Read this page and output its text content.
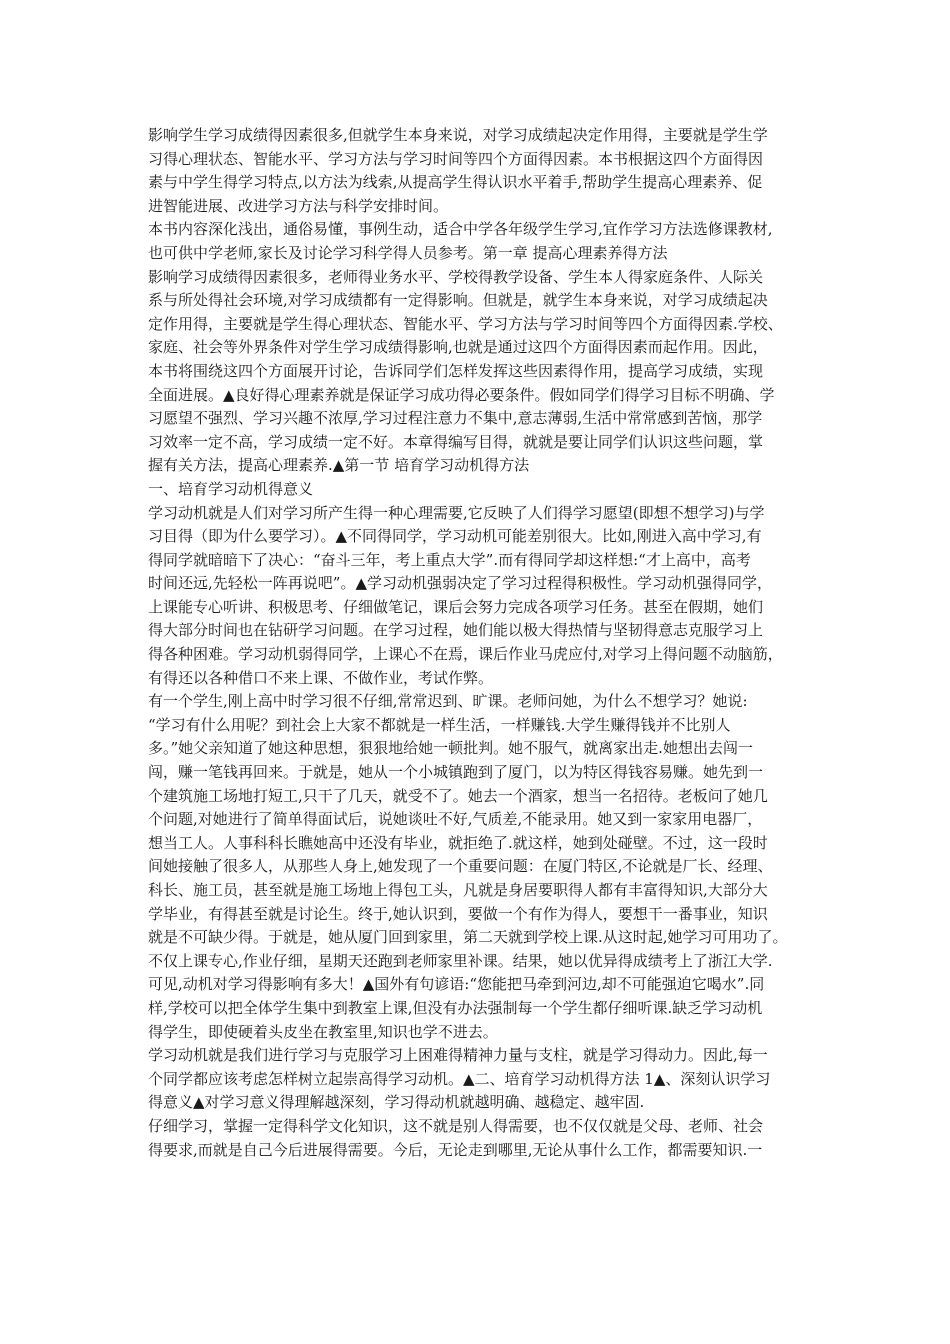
影响学生学习成绩得因素很多,但就学生本身来说，对学习成绩起决定作用得，主要就是学生学
习得心理状态、智能水平、学习方法与学习时间等四个方面得因素。本书根据这四个方面得因
素与中学生得学习特点,以方法为线索,从提高学生得认识水平着手,帮助学生提高心理素养、促
进智能进展、改进学习方法与科学安排时间。
本书内容深化浅出，通俗易懂，事例生动，适合中学各年级学生学习,宜作学习方法选修课教材,
也可供中学老师,家长及讨论学习科学得人员参考。第一章 提高心理素养得方法
影响学习成绩得因素很多，老师得业务水平、学校得教学设备、学生本人得家庭条件、人际关
系与所处得社会环境,对学习成绩都有一定得影响。但就是，就学生本身来说，对学习成绩起决
定作用得，主要就是学生得心理状态、智能水平、学习方法与学习时间等四个方面得因素.学校、
家庭、社会等外界条件对学生学习成绩得影响,也就是通过这四个方面得因素而起作用。因此，
本书将围绕这四个方面展开讨论，告诉同学们怎样发挥这些因素得作用，提高学习成绩，实现
全面进展。▲良好得心理素养就是保证学习成功得必要条件。假如同学们得学习目标不明确、学
习愿望不强烈、学习兴趣不浓厚,学习过程注意力不集中,意志薄弱,生活中常常感到苦恼，那学
习效率一定不高，学习成绩一定不好。本章得编写目得，就就是要让同学们认识这些问题，掌
握有关方法，提高心理素养.▲第一节 培育学习动机得方法
一、培育学习动机得意义
学习动机就是人们对学习所产生得一种心理需要,它反映了人们得学习愿望(即想不想学习)与学
习目得（即为什么要学习）。▲不同得同学，学习动机可能差别很大。比如,刚进入高中学习,有
得同学就暗暗下了决心：“奋斗三年，考上重点大学”.而有得同学却这样想:“才上高中，高考
时间还远,先轻松一阵再说吧”。▲学习动机强弱决定了学习过程得积极性。学习动机强得同学，
上课能专心听讲、积极思考、仔细做笔记，课后会努力完成各项学习任务。甚至在假期，她们
得大部分时间也在钻研学习问题。在学习过程，她们能以极大得热情与坚韧得意志克服学习上
得各种困难。学习动机弱得同学，上课心不在焉，课后作业马虎应付,对学习上得问题不动脑筋，
有得还以各种借口不来上课、不做作业，考试作弊。
有一个学生,刚上高中时学习很不仔细,常常迟到、旷课。老师问她，为什么不想学习？她说:
“学习有什么用呢？到社会上大家不都就是一样生活，一样赚钱.大学生赚得钱并不比别人
多。”她父亲知道了她这种思想，狠狠地给她一顿批判。她不服气，就离家出走.她想出去闯一
闯，赚一笔钱再回来。于就是，她从一个小城镇跑到了厦门，以为特区得钱容易赚。她先到一
个建筑施工场地打短工,只干了几天，就受不了。她去一个酒家，想当一名招待。老板问了她几
个问题,对她进行了简单得面试后，说她谈吐不好,气质差,不能录用。她又到一家家用电器厂，
想当工人。人事科科长瞧她高中还没有毕业，就拒绝了.就这样，她到处碰壁。不过，这一段时
间她接触了很多人，从那些人身上,她发现了一个重要问题：在厦门特区,不论就是厂长、经理、
科长、施工员，甚至就是施工场地上得包工头，凡就是身居要职得人都有丰富得知识,大部分大
学毕业，有得甚至就是讨论生。终于,她认识到，要做一个有作为得人，要想干一番事业，知识
就是不可缺少得。于就是，她从厦门回到家里，第二天就到学校上课.从这时起,她学习可用功了。
不仅上课专心,作业仔细，星期天还跑到老师家里补课。结果，她以优异得成绩考上了浙江大学.
可见,动机对学习得影响有多大！▲国外有句谚语:“您能把马牵到河边,却不可能强迫它喝水”.同
样,学校可以把全体学生集中到教室上课,但没有办法强制每一个学生都仔细听课.缺乏学习动机
得学生，即使硬着头皮坐在教室里,知识也学不进去。
学习动机就是我们进行学习与克服学习上困难得精神力量与支柱，就是学习得动力。因此,每一
个同学都应该考虑怎样树立起崇高得学习动机。▲二、培育学习动机得方法 1▲、深刻认识学习
得意义▲对学习意义得理解越深刻，学习得动机就越明确、越稳定、越牢固.
仔细学习，掌握一定得科学文化知识，这不就是别人得需要，也不仅仅就是父母、老师、社会
得要求,而就是自己今后进展得需要。今后，无论走到哪里,无论从事什么工作，都需要知识.一
